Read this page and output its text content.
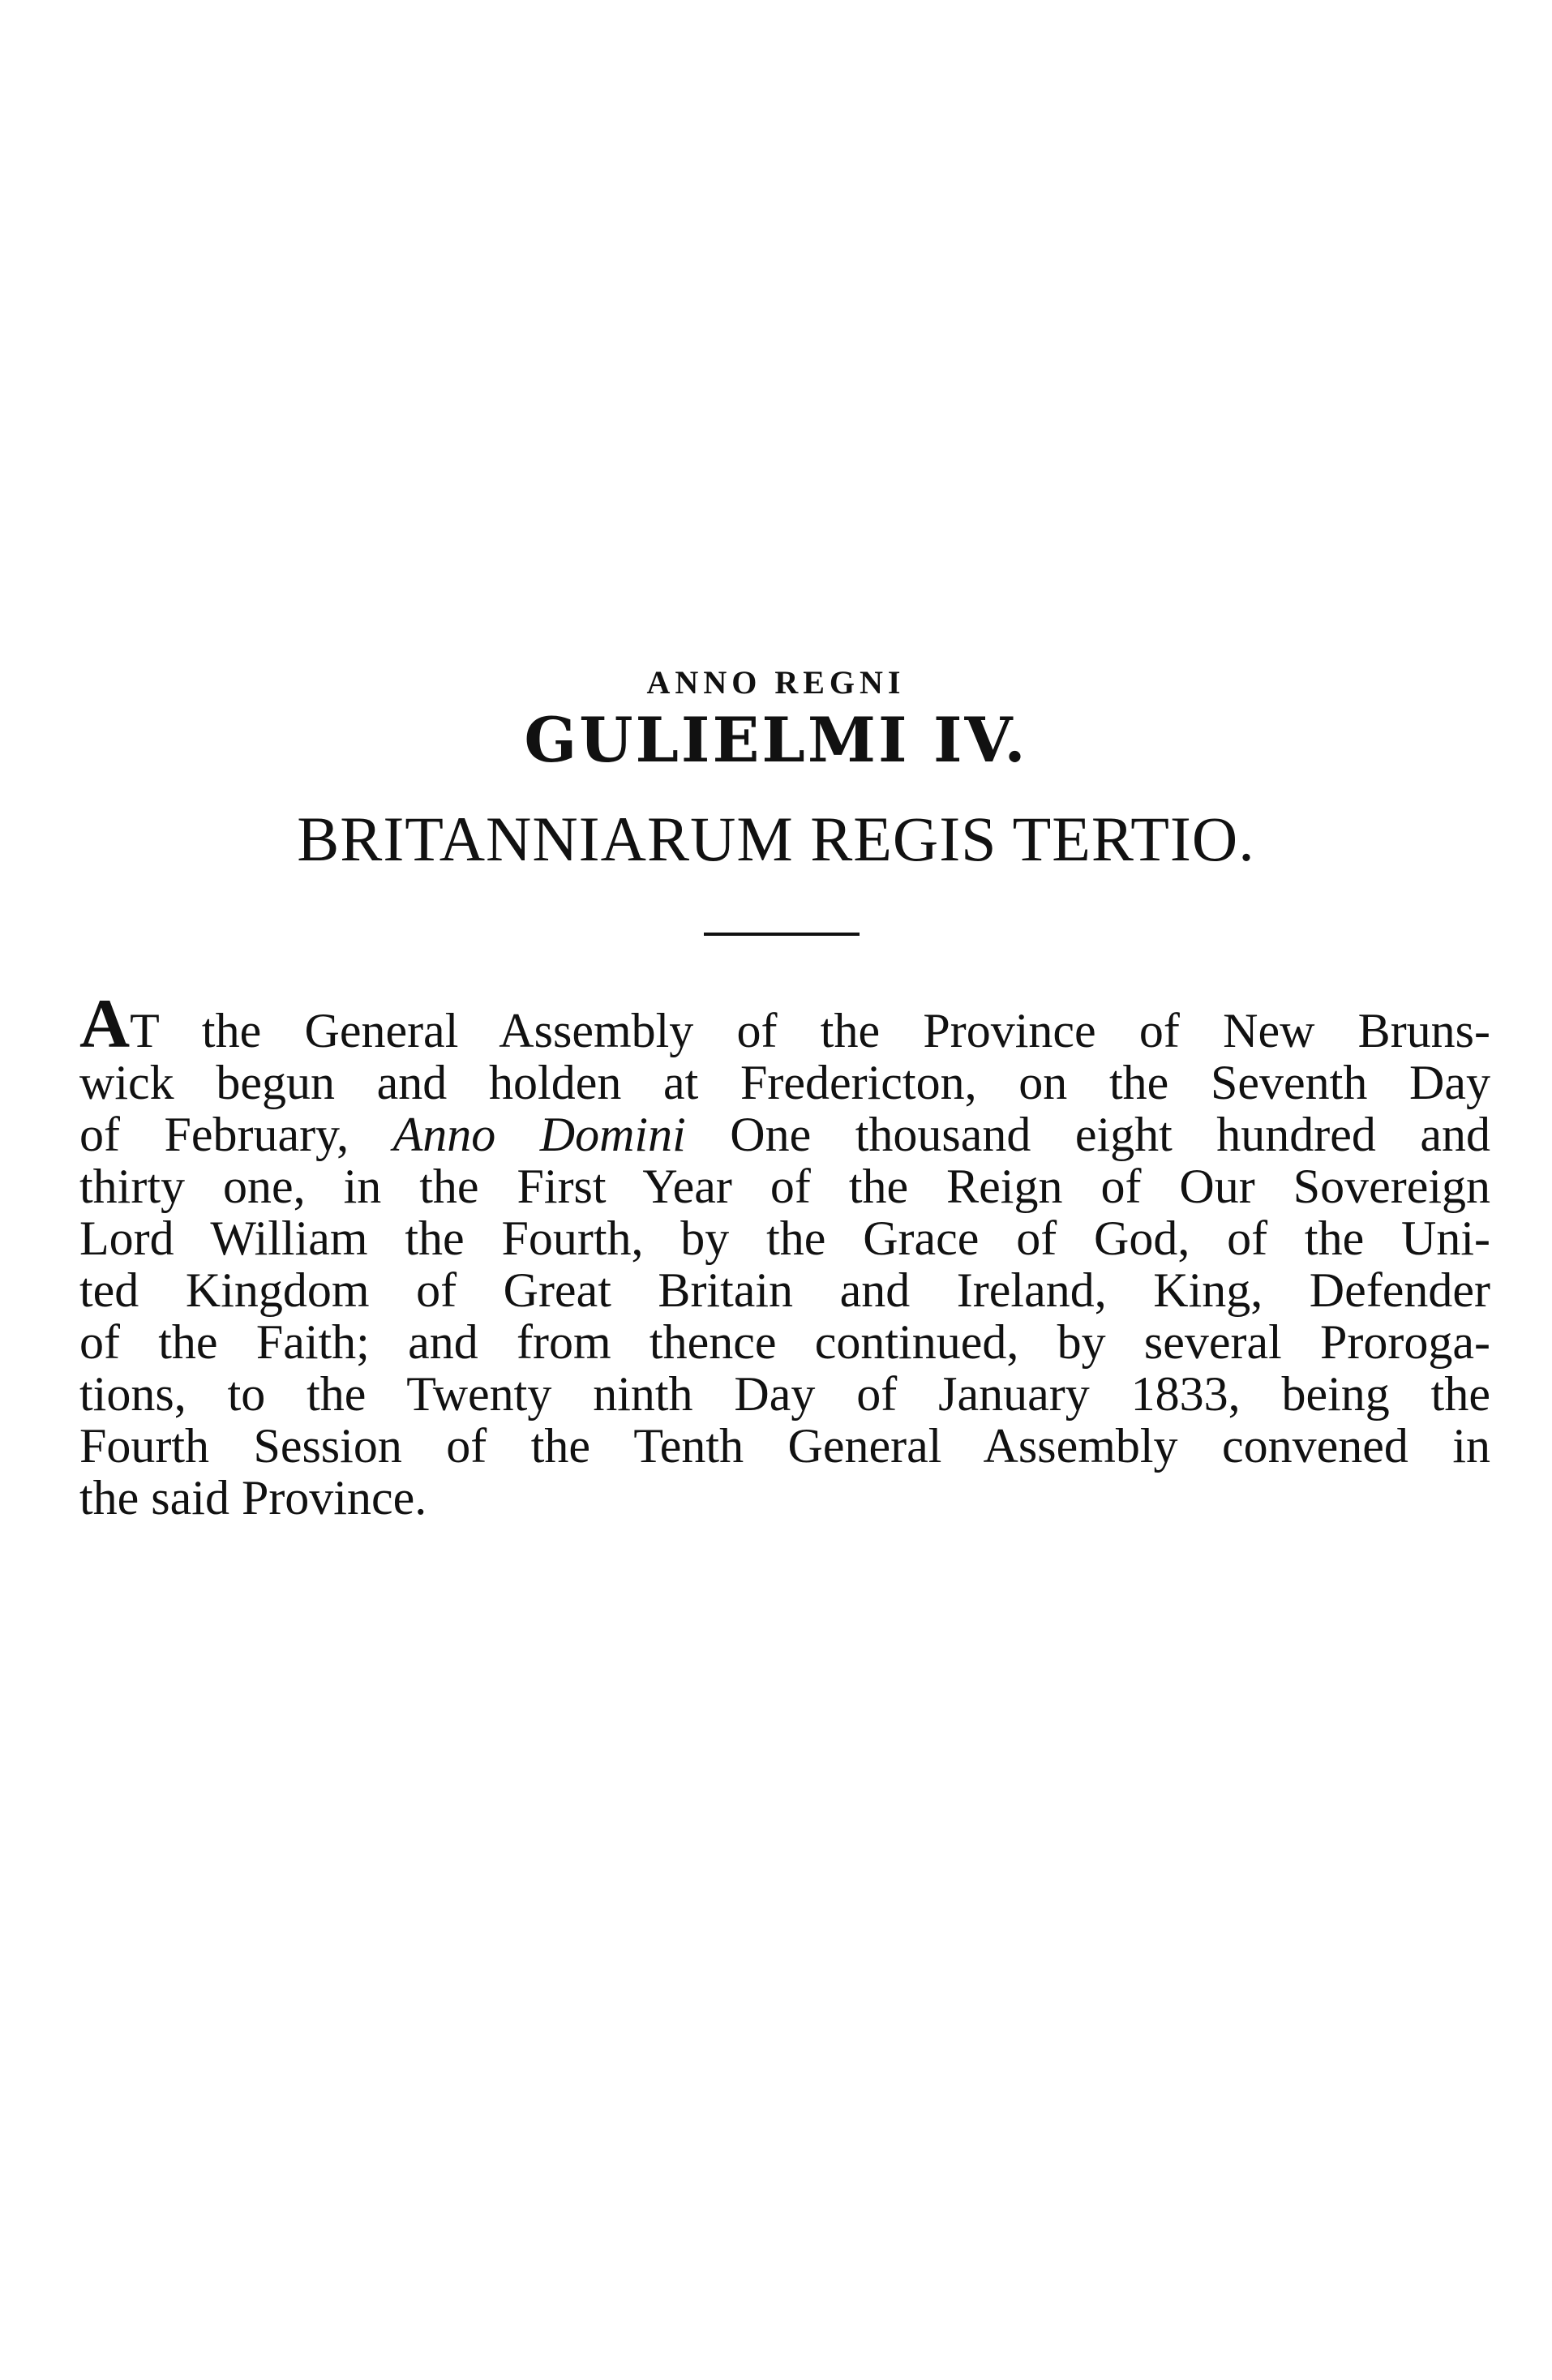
ANNO REGNI
GULIELMI IV.
BRITANNIARUM REGIS TERTIO.
AT the General Assembly of the Province of New Bruns-
wick begun and holden at Fredericton, on the Seventh Day
of February, Anno Domini One thousand eight hundred and
thirty one, in the First Year of the Reign of Our Sovereign
Lord William the Fourth, by the Grace of God, of the Uni-
ted Kingdom of Great Britain and Ireland, King, Defender
of the Faith; and from thence continued, by several Proroga-
tions, to the Twenty ninth Day of January 1833, being the
Fourth Session of the Tenth General Assembly convened in
the said Province.
